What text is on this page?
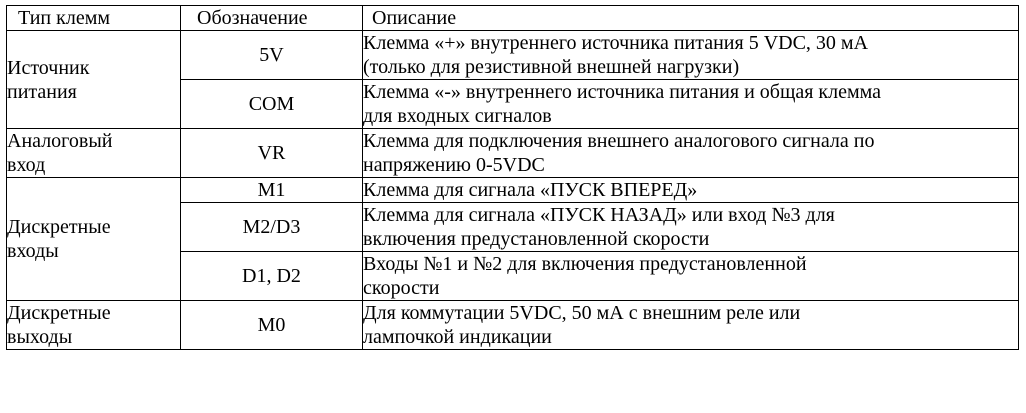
Тип клемм	Обозначение	Описание

Источник
питания	5V	Клемма «+» внутреннего источника питания 5 VDC, 30 мА
(только для резистивной внешней нагрузки)

	COM	Клемма «-» внутреннего источника питания и общая клемма
для входных сигналов

Аналоговый
вход	VR	Клемма для подключения внешнего аналогового сигнала по
напряжению 0-5VDC

Дискретные
входы	M1	Клемма для сигнала «ПУСК ВПЕРЕД»

	M2/D3	Клемма для сигнала «ПУСК НАЗАД» или вход №3 для
включения предустановленной скорости

	D1, D2	Входы №1 и №2 для включения предустановленной
скорости

Дискретные
выходы	M0	Для коммутации 5VDC, 50 мА с внешним реле или
лампочкой индикации
